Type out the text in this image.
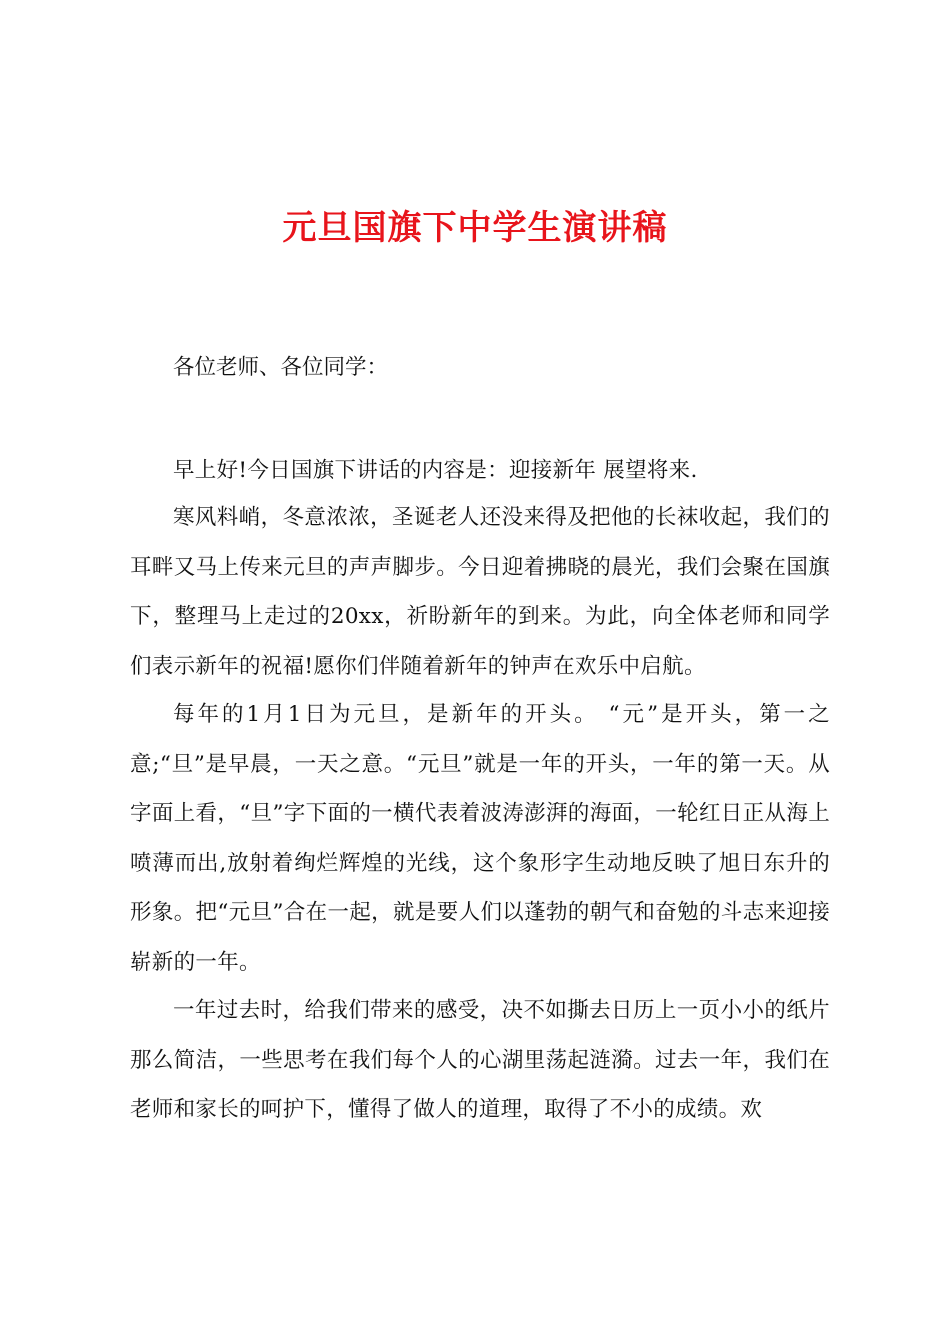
元旦国旗下中学生演讲稿
各位老师、各位同学：
早上好!今日国旗下讲话的内容是：迎接新年 展望将来.
寒风料峭，冬意浓浓，圣诞老人还没来得及把他的长袜收起，我们的耳畔又马上传来元旦的声声脚步。今日迎着拂晓的晨光，我们会聚在国旗下，整理马上走过的20xx，祈盼新年的到来。为此，向全体老师和同学们表示新年的祝福!愿你们伴随着新年的钟声在欢乐中启航。
每年的1月1日为元旦，是新年的开头。 “元”是开头，第一之意;“旦”是早晨，一天之意。“元旦”就是一年的开头，一年的第一天。从字面上看，“旦”字下面的一横代表着波涛澎湃的海面，一轮红日正从海上喷薄而出,放射着绚烂辉煌的光线，这个象形字生动地反映了旭日东升的形象。把“元旦”合在一起，就是要人们以蓬勃的朝气和奋勉的斗志来迎接崭新的一年。
一年过去时，给我们带来的感受，决不如撕去日历上一页小小的纸片那么简洁，一些思考在我们每个人的心湖里荡起涟漪。过去一年，我们在老师和家长的呵护下，懂得了做人的道理，取得了不小的成绩。欢
